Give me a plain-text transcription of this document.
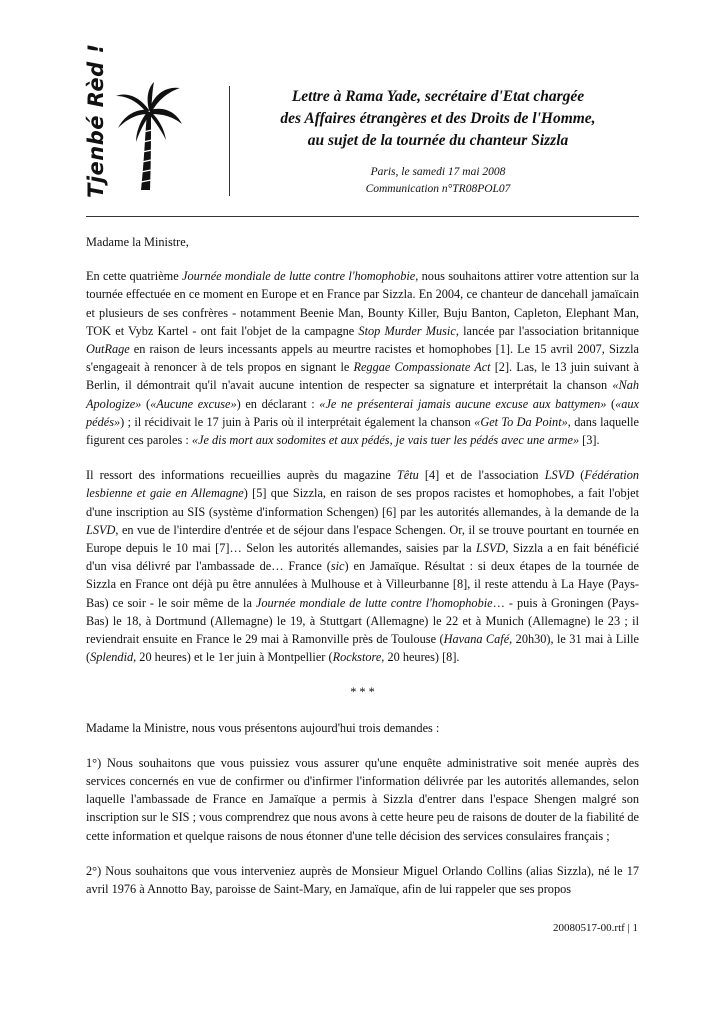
Tjenbé Rèd !	Lettre à Rama Yade, secrétaire d'Etat chargée
des Affaires étrangères et des Droits de l'Homme,
au sujet de la tournée du chanteur Sizzla
Paris, le samedi 17 mai 2008
Communication n°TR08POL07

Madame la Ministre,

En cette quatrième Journée mondiale de lutte contre l'homophobie, nous souhaitons attirer votre attention sur la tournée effectuée en ce moment en Europe et en France par Sizzla. En 2004, ce chanteur de dancehall jamaïcain et plusieurs de ses confrères - notamment Beenie Man, Bounty Killer, Buju Banton, Capleton, Elephant Man, TOK et Vybz Kartel - ont fait l'objet de la campagne Stop Murder Music, lancée par l'association britannique OutRage en raison de leurs incessants appels au meurtre racistes et homophobes [1]. Le 15 avril 2007, Sizzla s'engageait à renoncer à de tels propos en signant le Reggae Compassionate Act [2]. Las, le 13 juin suivant à Berlin, il démontrait qu'il n'avait aucune intention de respecter sa signature et interprétait la chanson «Nah Apologize» («Aucune excuse») en déclarant : «Je ne présenterai jamais aucune excuse aux battymen» («aux pédés») ; il récidivait le 17 juin à Paris où il interprétait également la chanson «Get To Da Point», dans laquelle figurent ces paroles : «Je dis mort aux sodomites et aux pédés, je vais tuer les pédés avec une arme» [3].

Il ressort des informations recueillies auprès du magazine Têtu [4] et de l'association LSVD (Fédération lesbienne et gaie en Allemagne) [5] que Sizzla, en raison de ses propos racistes et homophobes, a fait l'objet d'une inscription au SIS (système d'information Schengen) [6] par les autorités allemandes, à la demande de la LSVD, en vue de l'interdire d'entrée et de séjour dans l'espace Schengen. Or, il se trouve pourtant en tournée en Europe depuis le 10 mai [7]… Selon les autorités allemandes, saisies par la LSVD, Sizzla a en fait bénéficié d'un visa délivré par l'ambassade de… France (sic) en Jamaïque. Résultat : si deux étapes de la tournée de Sizzla en France ont déjà pu être annulées à Mulhouse et à Villeurbanne [8], il reste attendu à La Haye (Pays-Bas) ce soir - le soir même de la Journée mondiale de lutte contre l'homophobie… - puis à Groningen (Pays-Bas) le 18, à Dortmund (Allemagne) le 19, à Stuttgart (Allemagne) le 22 et à Munich (Allemagne) le 23 ; il reviendrait ensuite en France le 29 mai à Ramonville près de Toulouse (Havana Café, 20h30), le 31 mai à Lille (Splendid, 20 heures) et le 1er juin à Montpellier (Rockstore, 20 heures) [8].

* * *

Madame la Ministre, nous vous présentons aujourd'hui trois demandes :

1°) Nous souhaitons que vous puissiez vous assurer qu'une enquête administrative soit menée auprès des services concernés en vue de confirmer ou d'infirmer l'information délivrée par les autorités allemandes, selon laquelle l'ambassade de France en Jamaïque a permis à Sizzla d'entrer dans l'espace Shengen malgré son inscription sur le SIS ; vous comprendrez que nous avons à cette heure peu de raisons de douter de la fiabilité de cette information et quelque raisons de nous étonner d'une telle décision des services consulaires français ;

2°) Nous souhaitons que vous interveniez auprès de Monsieur Miguel Orlando Collins (alias Sizzla), né le 17 avril 1976 à Annotto Bay, paroisse de Saint-Mary, en Jamaïque, afin de lui rappeler que ses propos

20080517-00.rtf | 1
